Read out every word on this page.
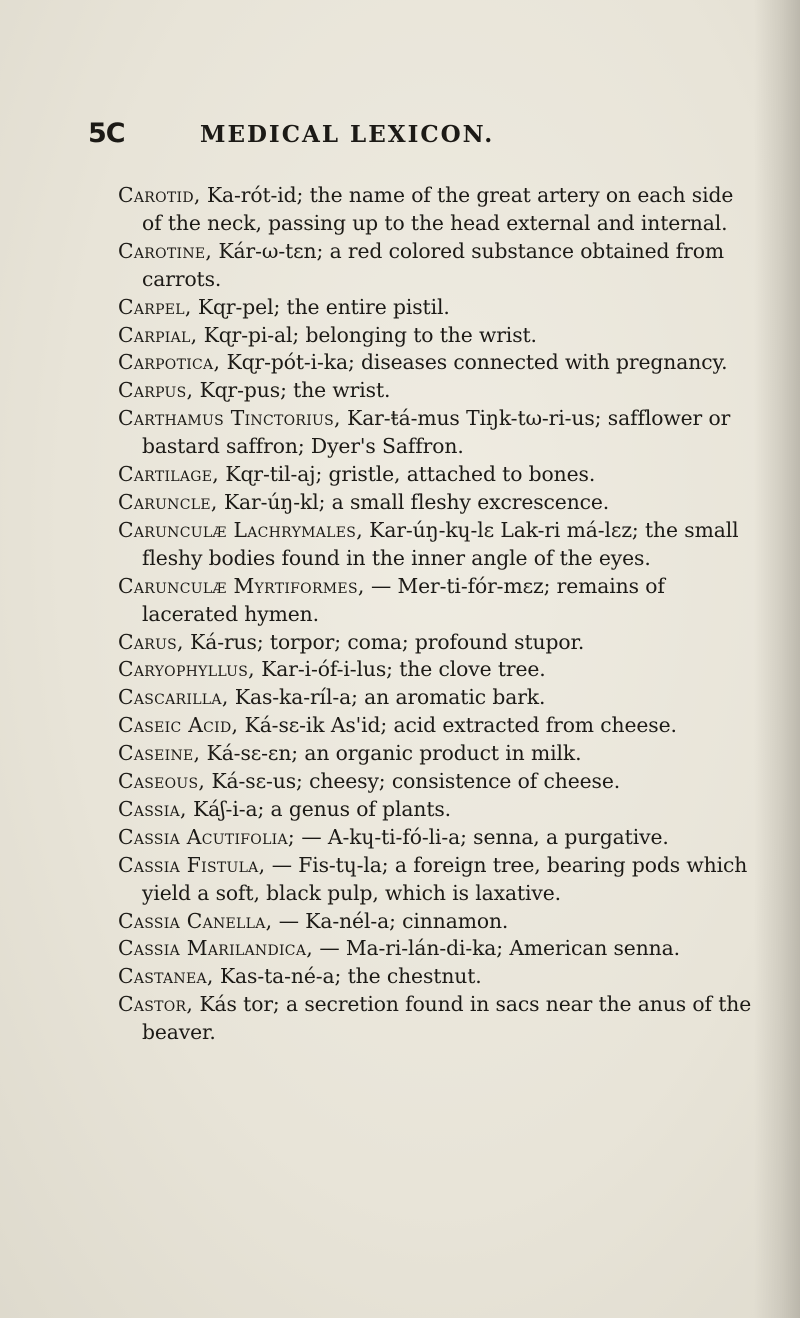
5C	MEDICAL LEXICON.

Carotid, Ka-rót-id; the name of the great artery on each side of the neck, passing up to the head external and internal.

Carotine, Kár-ω-tεn; a red colored substance obtained from carrots.

Carpel, Kɋr-pel; the entire pistil.

Carpial, Kɋr-pi-al; belonging to the wrist.

Carpotica, Kɋr-pót-i-ka; diseases connected with pregnancy.

Carpus, Kɋr-pus; the wrist.

Carthamus Tinctorius, Kar-ŧá-mus Tiŋk-tω-ri-us; safflower or bastard saffron; Dyer's Saffron.

Cartilage, Kɋr-til-aj; gristle, attached to bones.

Caruncle, Kar-úŋ-kl; a small fleshy excrescence.

Carunculæ Lachrymales, Kar-úŋ-kɥ-lε Lak-ri má-lεz; the small fleshy bodies found in the inner angle of the eyes.

Carunculæ Myrtiformes, — Mer-ti-fór-mεz; remains of lacerated hymen.

Carus, Ká-rus; torpor; coma; profound stupor.

Caryophyllus, Kar-i-óf-i-lus; the clove tree.

Cascarilla, Kas-ka-ríl-a; an aromatic bark.

Caseic Acid, Ká-sε-ik As'id; acid extracted from cheese.

Caseine, Ká-sε-εn; an organic product in milk.

Caseous, Ká-sε-us; cheesy; consistence of cheese.

Cassia, Káʃ-i-a; a genus of plants.

Cassia Acutifolia; — A-kɥ-ti-fó-li-a; senna, a purgative.

Cassia Fistula, — Fis-tɥ-la; a foreign tree, bearing pods which yield a soft, black pulp, which is laxative.

Cassia Canella, — Ka-nél-a; cinnamon.

Cassia Marilandica, — Ma-ri-lán-di-ka; American senna.

Castanea, Kas-ta-né-a; the chestnut.

Castor, Kás tor; a secretion found in sacs near the anus of the beaver.
